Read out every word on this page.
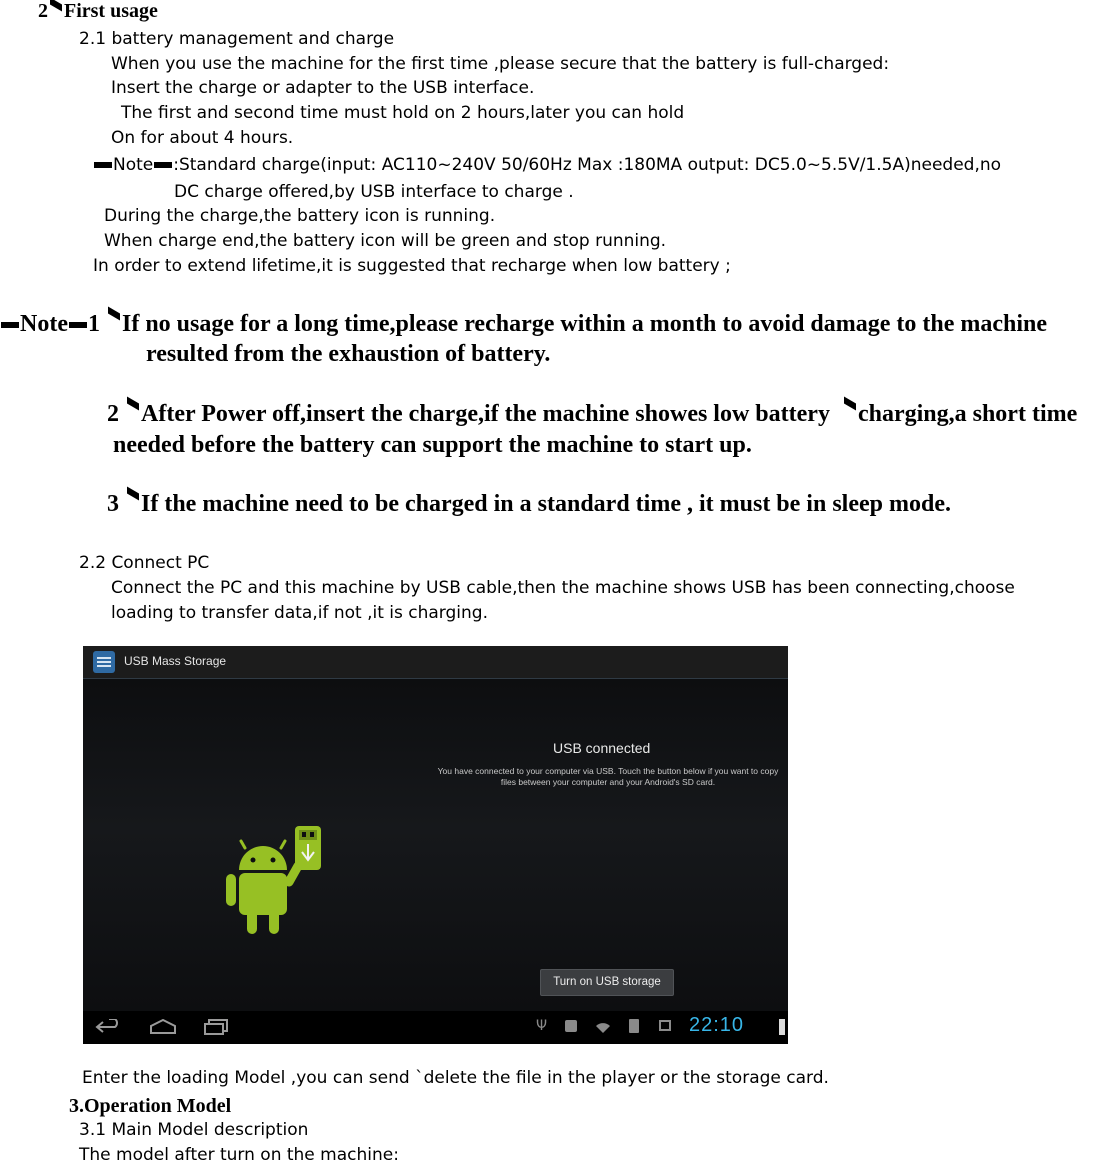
2 First usage
2.1 battery management and charge
When you use the machine for the first time ,please secure that the battery is full-charged:
Insert the charge or adapter to the USB interface.
The first and second time must hold on 2 hours,later you can hold
On for about 4 hours.
Note :Standard charge(input: AC110~240V 50/60Hz Max :180MA output: DC5.0~5.5V/1.5A)needed,no
DC charge offered,by USB interface to charge .
During the charge,the battery icon is running.
When charge end,the battery icon will be green and stop running.
In order to extend lifetime,it is suggested that recharge when low battery ;
Note 1 If no usage for a long time,please recharge within a month to avoid damage to the machine
resulted from the exhaustion of battery.
2 After Power off,insert the charge,if the machine showes low battery charging,a short time
needed before the battery can support the machine to start up.
3 If the machine need to be charged in a standard time , it must be in sleep mode.
2.2 Connect PC
Connect the PC and this machine by USB cable,then the machine shows USB has been connecting,choose
loading to transfer data,if not ,it is charging.
USB Mass Storage
USB connected
You have connected to your computer via USB. Touch the button below if you want to copy files between your computer and your Android's SD card.
Turn on USB storage
Ψ	22:10
Enter the loading Model ,you can send `delete the file in the player or the storage card.
3.Operation Model
3.1 Main Model description
The model after turn on the machine:
